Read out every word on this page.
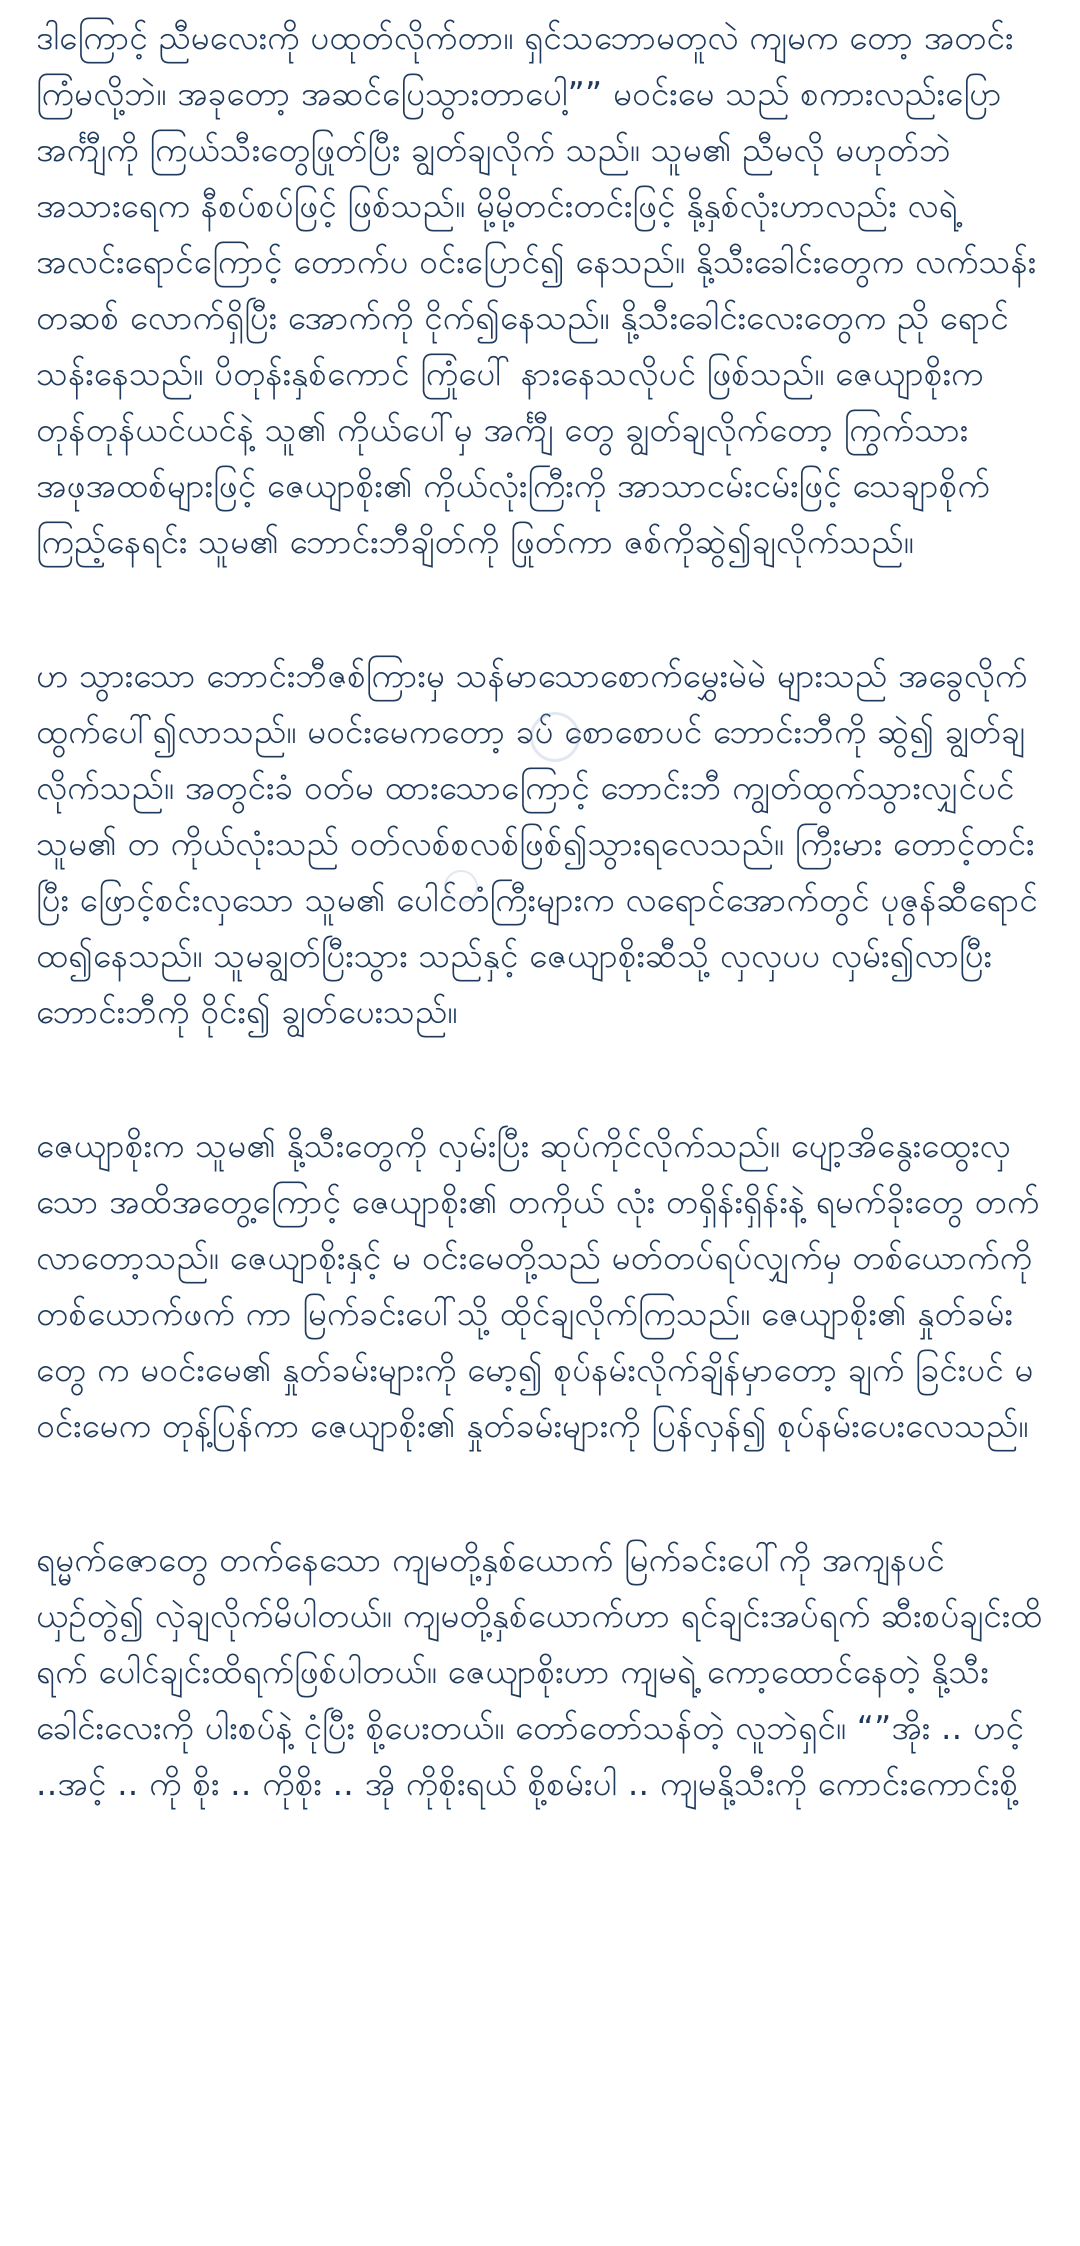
ဒါကြောင့် ညီမလေးကို ပထုတ်လိုက်တာ။ ရှင်သဘောမတူလဲ ကျမက တော့ အတင်းကြံမလို့ဘဲ။ အခုတော့ အဆင်ပြေသွားတာပေါ့”” မဝင်းမေ သည် စကားလည်းပြော အင်္ကျီကို ကြယ်သီးတွေဖြုတ်ပြီး ချွတ်ချလိုက် သည်။ သူမ၏ ညီမလို မဟုတ်ဘဲ အသားရေက နီစပ်စပ်ဖြင့် ဖြစ်သည်။ မို့မို့တင်းတင်းဖြင့် နို့နှစ်လုံးဟာလည်း လရဲ့ အလင်းရောင်ကြောင့် တောက်ပ ဝင်းပြောင်၍ နေသည်။ နို့သီးခေါင်းတွေက လက်သန်းတဆစ် လောက်ရှိပြီး အောက်ကို ငိုက်၍နေသည်။ နို့သီးခေါင်းလေးတွေက ညို ရောင်သန်းနေသည်။ ပိတုန်းနှစ်ကောင် ကြုံပေါ် နားနေသလိုပင် ဖြစ်သည်။ ဇေယျာစိုးက တုန်တုန်ယင်ယင်နဲ့ သူ၏ ကိုယ်ပေါ်မှ အင်္ကျီ တွေ ချွတ်ချလိုက်တော့ ကြွက်သား အဖုအထစ်များဖြင့် ဇေယျာစိုး၏ ကိုယ်လုံးကြီးကို အာသာငမ်းငမ်းဖြင့် သေချာစိုက်ကြည့်နေရင်း သူမ၏ ဘောင်းဘီချိတ်ကို ဖြုတ်ကာ ဇစ်ကိုဆွဲ၍ချလိုက်သည်။

ဟ သွားသော ဘောင်းဘီဇစ်ကြားမှ သန်မာသောစောက်မွှေးမဲမဲ များသည် အခွေလိုက် ထွက်ပေါ်၍လာသည်။ မဝင်းမေကတော့ ခပ် စောစောပင် ဘောင်းဘီကို ဆွဲ၍ ချွတ်ချလိုက်သည်။ အတွင်းခံ ဝတ်မ ထားသောကြောင့် ဘောင်းဘီ ကျွတ်ထွက်သွားလျှင်ပင် သူမ၏ တ ကိုယ်လုံးသည် ဝတ်လစ်စလစ်ဖြစ်၍သွားရလေသည်။ ကြီးမား တောင့်တင်းပြီး ဖြောင့်စင်းလှသော သူမ၏ ပေါင်တံကြီးများက လရောင်အောက်တွင် ပုဇွန်ဆီရောင် ထ၍နေသည်။ သူမချွတ်ပြီးသွား သည်နှင့် ဇေယျာစိုးဆီသို့ လှလှပပ လှမ်း၍လာပြီး ဘောင်းဘီကို ဝိုင်း၍ ချွတ်ပေးသည်။

ဇေယျာစိုးက သူမ၏ နို့သီးတွေကို လှမ်းပြီး ဆုပ်ကိုင်လိုက်သည်။ ပျော့အိနွေးထွေးလှသော အထိအတွေ့ကြောင့် ဇေယျာစိုး၏ တကိုယ် လုံး တရှိန်းရှိန်းနဲ့ ရမက်ခိုးတွေ တက်လာတော့သည်။ ဇေယျာစိုးနှင့် မ ဝင်းမေတို့သည် မတ်တပ်ရပ်လျှက်မှ တစ်ယောက်ကို တစ်ယောက်ဖက် ကာ မြက်ခင်းပေါ်သို့ ထိုင်ချလိုက်ကြသည်။ ဇေယျာစိုး၏ နှုတ်ခမ်းတွေ က မဝင်းမေ၏ နှုတ်ခမ်းများကို မော့၍ စုပ်နမ်းလိုက်ချိန်မှာတော့ ချက် ခြင်းပင် မဝင်းမေက တုန့်ပြန်ကာ ဇေယျာစိုး၏ နှုတ်ခမ်းများကို ပြန်လှန်၍ စုပ်နမ်းပေးလေသည်။

ရမ္မက်ဇောတွေ တက်နေသော ကျမတို့နှစ်ယောက် မြက်ခင်းပေါ်ကို အကျနပင် ယှဉ်တွဲ၍ လှဲချလိုက်မိပါတယ်။ ကျမတို့နှစ်ယောက်ဟာ ရင်ချင်းအပ်ရက် ဆီးစပ်ချင်းထိရက် ပေါင်ချင်းထိရက်ဖြစ်ပါတယ်။ ဇေယျာစိုးဟာ ကျမရဲ့ ကော့ထောင်နေတဲ့ နို့သီး ခေါင်းလေးကို ပါးစပ်နဲ့ ငုံပြီး စို့ပေးတယ်။ တော်တော်သန်တဲ့ လူဘဲရှင်။ “”အိုး .. ဟင့် ..အင့် .. ကို စိုး .. ကိုစိုး .. အို ကိုစိုးရယ် စို့စမ်းပါ .. ကျမနို့သီးကို ကောင်းကောင်းစို့
